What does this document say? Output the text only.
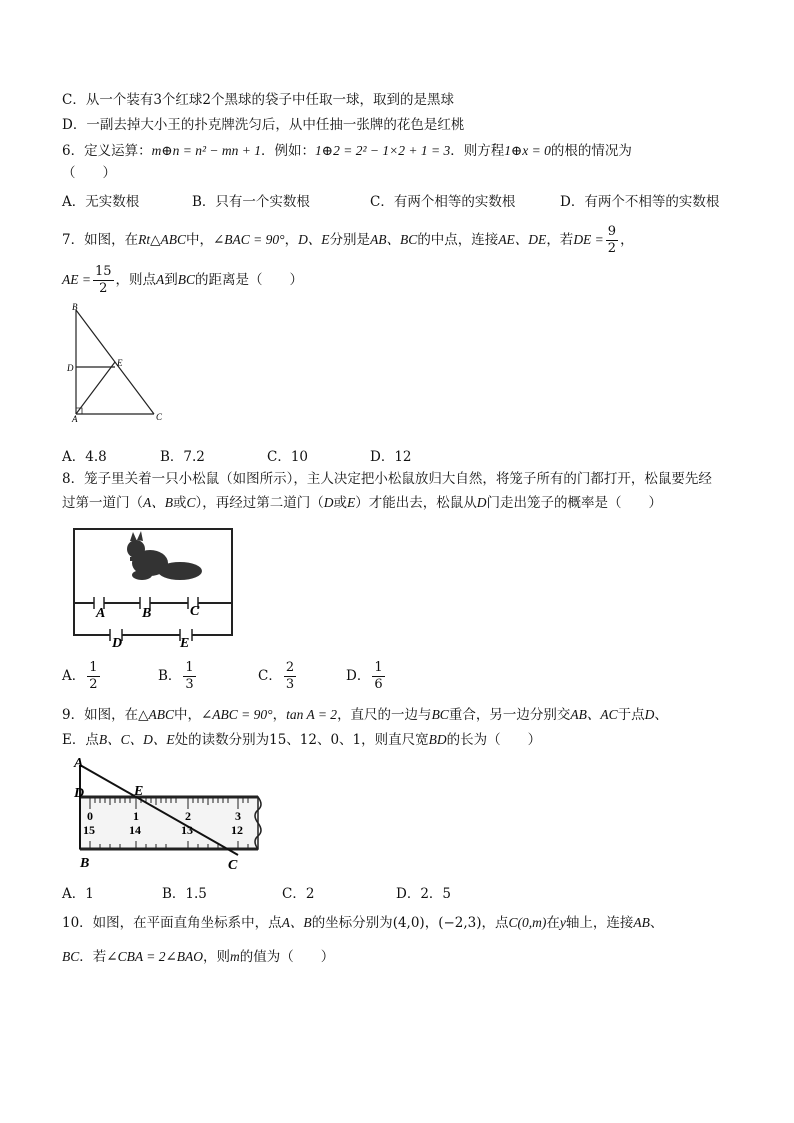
C．从一个装有3个红球2个黑球的袋子中任取一球，取到的是黑球
D．一副去掉大小王的扑克牌洗匀后，从中任抽一张牌的花色是红桃
6．定义运算：m⊕n = n² − mn + 1．例如：1⊕2 = 2² − 1×2 + 1 = 3．则方程1⊕x = 0的根的情况为
（　　）
A．无实数根	B．只有一个实数根	C．有两个相等的实数根	D．有两个不相等的实数根
7．如图，在Rt△ABC中，∠BAC = 90°，D、E分别是AB、BC的中点，连接AE、DE，若DE = $\frac{9}{2}$ ，
AE = $\frac{15}{2}$ ，则点A到BC的距离是（　　）
B
D	E
A	C
A．4.8	B．7.2	C．10	D．12
8．笼子里关着一只小松鼠（如图所示），主人决定把小松鼠放归大自然，将笼子所有的门都打开，松鼠要先经
过第一道门（A、B或C），再经过第二道门（D或E）才能出去，松鼠从D门走出笼子的概率是（　　）
A	B	C
D	E
A． $\frac{1}{2}$	B． $\frac{1}{3}$	C． $\frac{2}{3}$	D． $\frac{1}{6}$
9．如图，在△ABC中，∠ABC = 90°，tan A = 2，直尺的一边与BC重合，另一边分别交AB、AC于点D、
E．点B、C、D、E处的读数分别为15、12、0、1，则直尺宽BD的长为（　　）
A
D	E
B	C
0	1	2	3
15	14	13	12
A．1	B．1.5	C．2	D．2．5
10．如图，在平面直角坐标系中，点A、B的坐标分别为(4,0)，(−2,3)，点C(0,m)在y轴上，连接AB、
BC．若∠CBA = 2∠BAO，则m的值为（　　）
